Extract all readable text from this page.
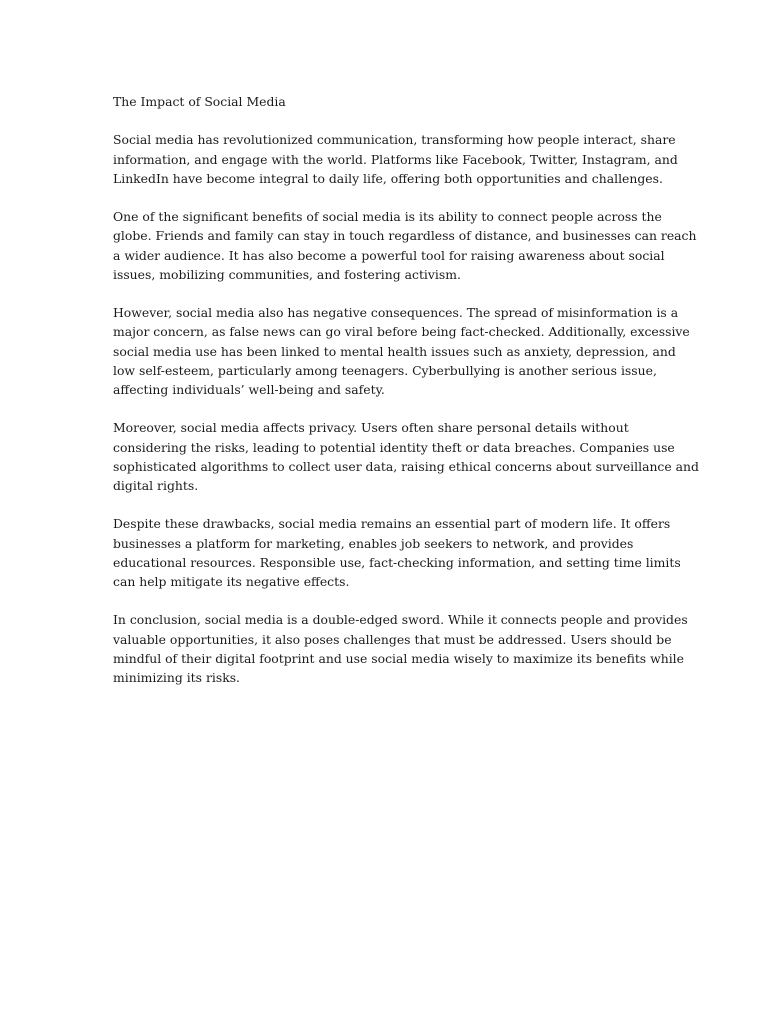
The Impact of Social Media

Social media has revolutionized communication, transforming how people interact, share
information, and engage with the world. Platforms like Facebook, Twitter, Instagram, and
LinkedIn have become integral to daily life, offering both opportunities and challenges.

One of the significant benefits of social media is its ability to connect people across the
globe. Friends and family can stay in touch regardless of distance, and businesses can reach
a wider audience. It has also become a powerful tool for raising awareness about social
issues, mobilizing communities, and fostering activism.

However, social media also has negative consequences. The spread of misinformation is a
major concern, as false news can go viral before being fact-checked. Additionally, excessive
social media use has been linked to mental health issues such as anxiety, depression, and
low self-esteem, particularly among teenagers. Cyberbullying is another serious issue,
affecting individuals’ well-being and safety.

Moreover, social media affects privacy. Users often share personal details without
considering the risks, leading to potential identity theft or data breaches. Companies use
sophisticated algorithms to collect user data, raising ethical concerns about surveillance and
digital rights.

Despite these drawbacks, social media remains an essential part of modern life. It offers
businesses a platform for marketing, enables job seekers to network, and provides
educational resources. Responsible use, fact-checking information, and setting time limits
can help mitigate its negative effects.

In conclusion, social media is a double-edged sword. While it connects people and provides
valuable opportunities, it also poses challenges that must be addressed. Users should be
mindful of their digital footprint and use social media wisely to maximize its benefits while
minimizing its risks.
